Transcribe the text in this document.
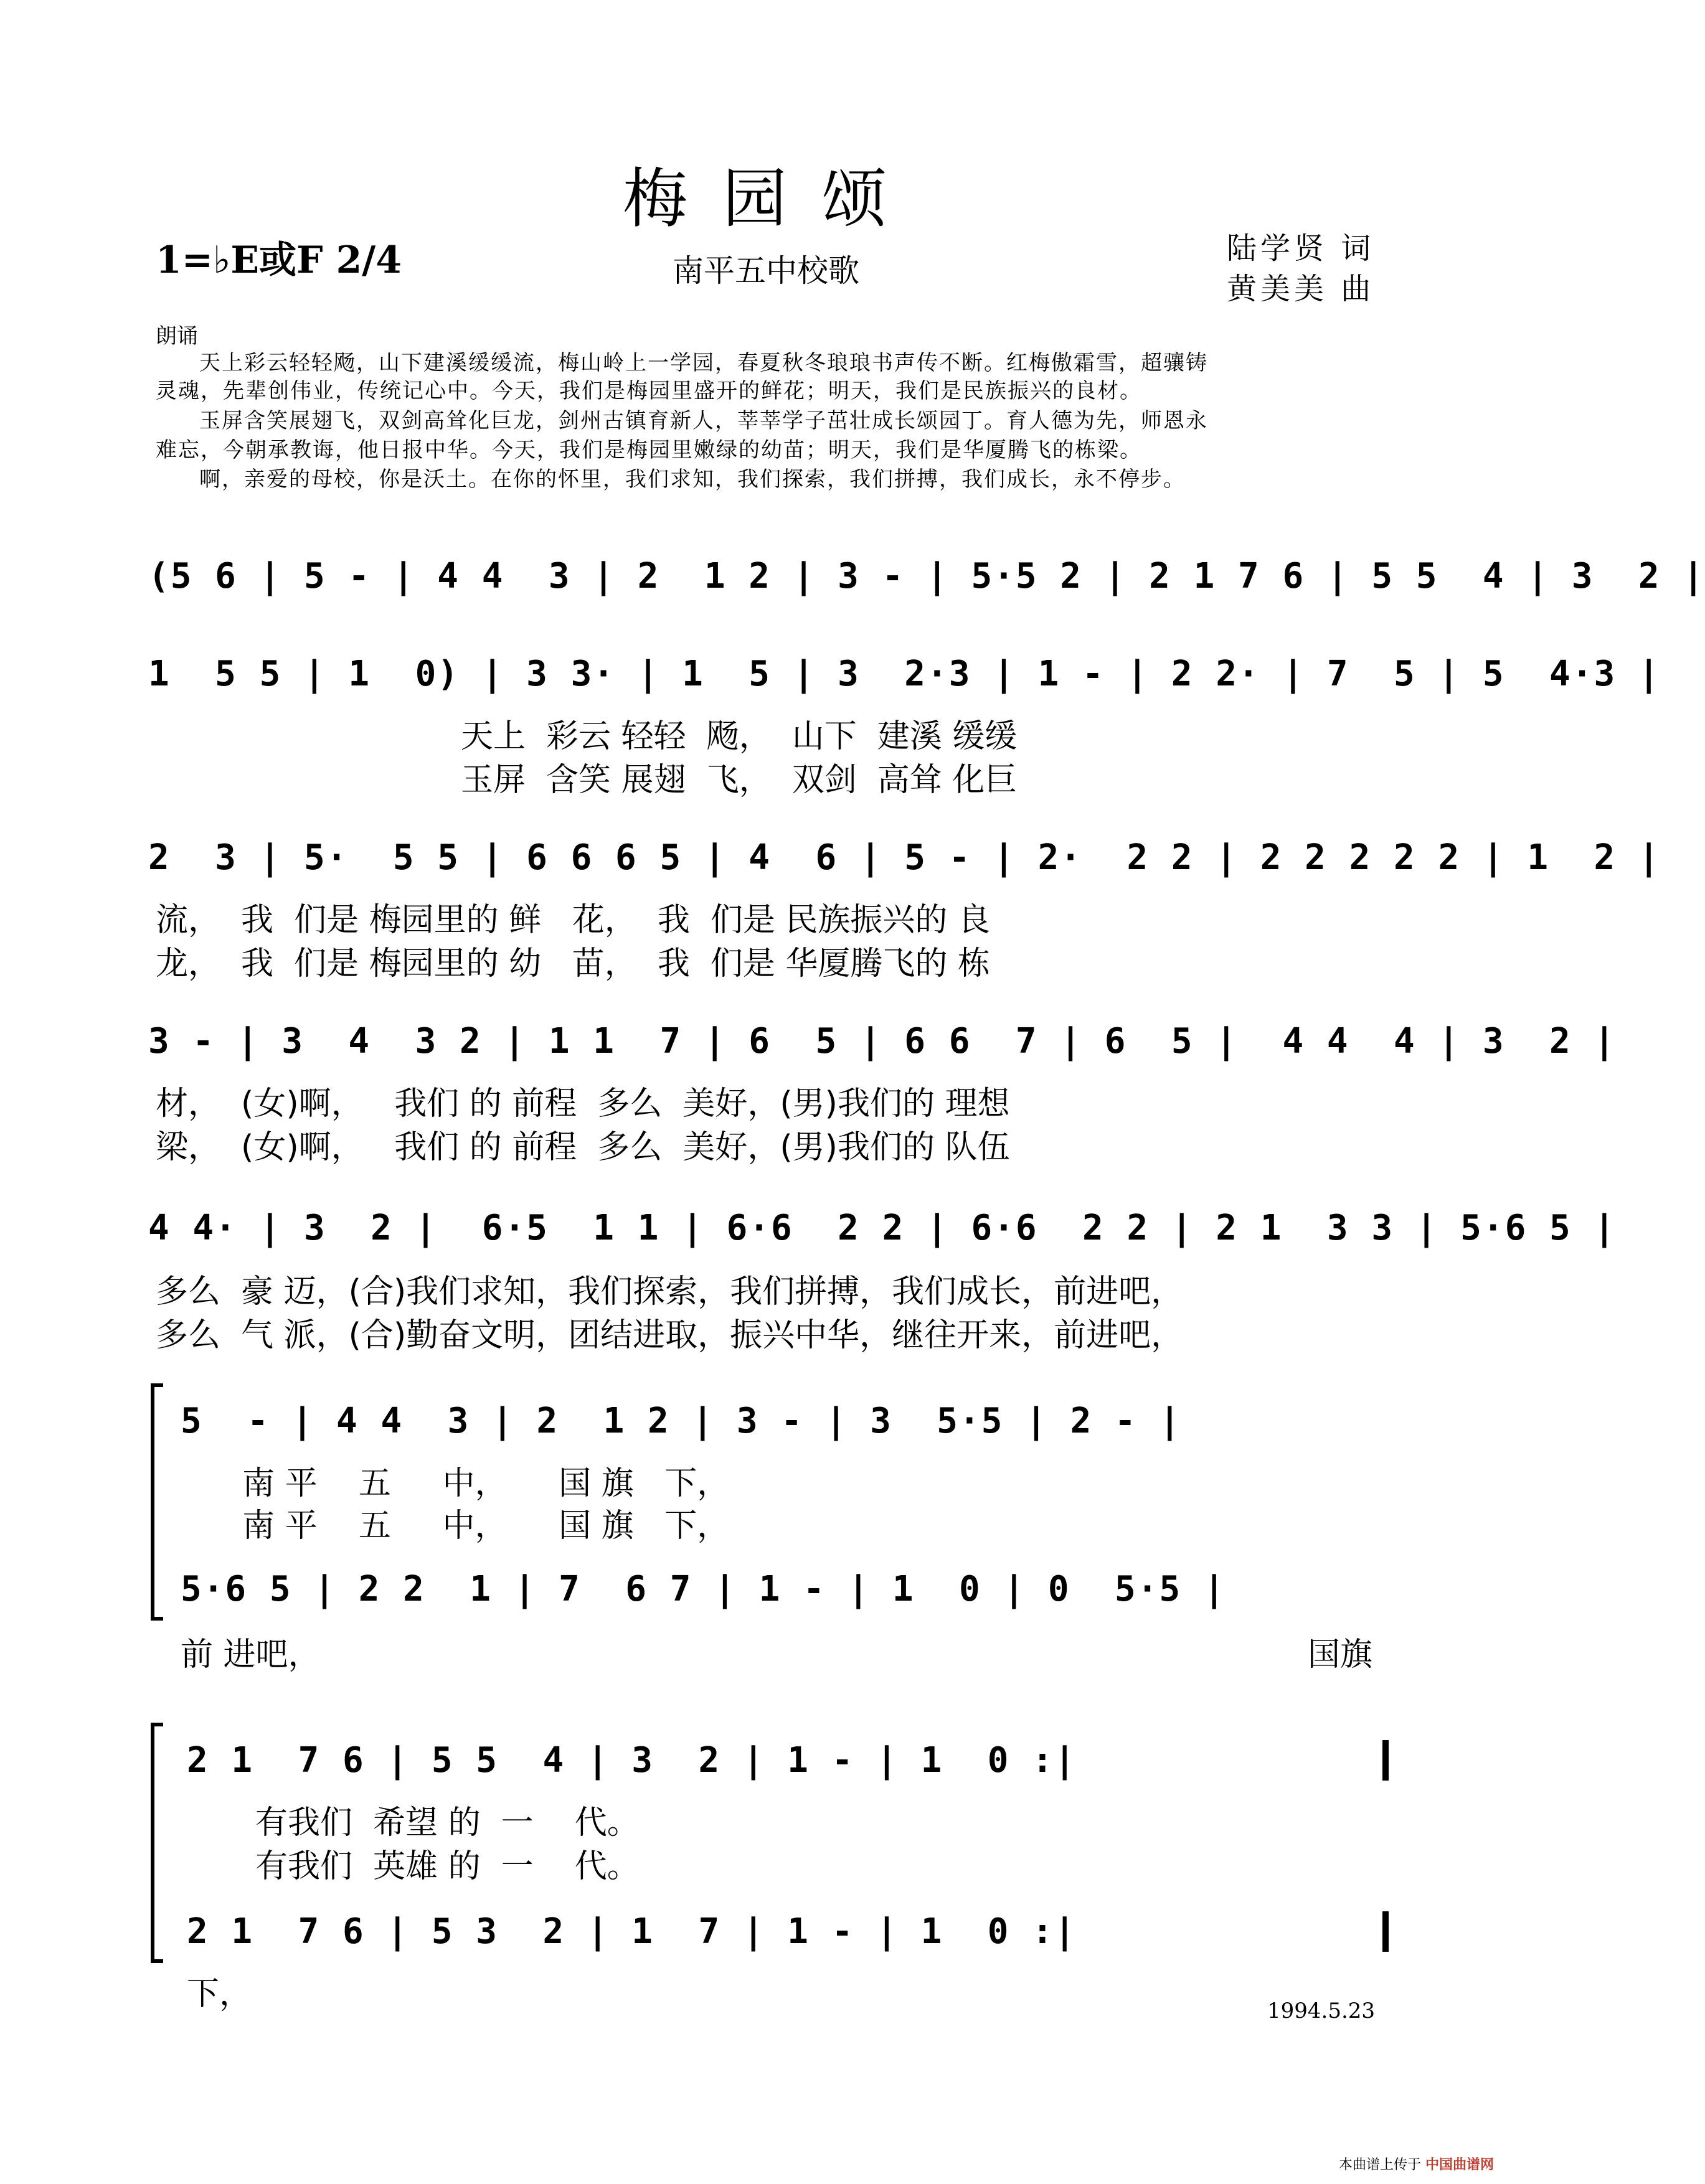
梅园颂
1=♭E或F 2/4	南平五中校歌
陆学贤 词
黄美美 曲
朗诵
天上彩云轻轻飏，山下建溪缓缓流，梅山岭上一学园，春夏秋冬琅琅书声传不断。红梅傲霜雪，超骧铸
灵魂，先辈创伟业，传统记心中。今天，我们是梅园里盛开的鲜花；明天，我们是民族振兴的良材。
玉屏含笑展翅飞，双剑高耸化巨龙，剑州古镇育新人，莘莘学子茁壮成长颂园丁。育人德为先，师恩永
难忘，今朝承教诲，他日报中华。今天，我们是梅园里嫩绿的幼苗；明天，我们是华厦腾飞的栋梁。
啊，亲爱的母校，你是沃土。在你的怀里，我们求知，我们探索，我们拼搏，我们成长，永不停步。
(5 6 | 5 - | 4 4  3 | 2  1 2 | 3 - | 5·5 2 | 2 1 7 6 | 5 5  4 | 3  2 |
1  5 5 | 1  0) | 3 3· | 1  5 | 3  2·3 | 1 - | 2 2· | 7  5 | 5  4·3 |
天上  彩云 轻轻  飏，  山下  建溪 缓缓
玉屏  含笑 展翅  飞，  双剑  高耸 化巨
2  3 | 5·  5 5 | 6 6 6 5 | 4  6 | 5 - | 2·  2 2 | 2 2 2 2 2 | 1  2 |
流，  我  们是 梅园里的 鲜   花，  我  们是 民族振兴的 良
龙，  我  们是 梅园里的 幼   苗，  我  们是 华厦腾飞的 栋
3 - | 3  4  3 2 | 1 1  7 | 6  5 | 6 6  7 | 6  5 |  4 4  4 | 3  2 |
材，  (女)啊，   我们 的 前程  多么  美好，(男)我们的 理想
梁，  (女)啊，   我们 的 前程  多么  美好，(男)我们的 队伍
4 4· | 3  2 |  6·5  1 1 | 6·6  2 2 | 6·6  2 2 | 2 1  3 3 | 5·6 5 |
多么  豪 迈，(合)我们求知，我们探索，我们拼搏，我们成长，前进吧，
多么  气 派，(合)勤奋文明，团结进取，振兴中华，继往开来，前进吧，
5  - | 4 4  3 | 2  1 2 | 3 - | 3  5·5 | 2 - |
南 平    五     中，     国 旗   下，
南 平    五     中，     国 旗   下，
5·6 5 | 2 2  1 | 7  6 7 | 1 - | 1  0 | 0  5·5 |
前 进吧，	国旗
2 1  7 6 | 5 5  4 | 3  2 | 1 - | 1  0 :|
有我们  希望 的  一    代。
有我们  英雄 的  一    代。
2 1  7 6 | 5 3  2 | 1  7 | 1 - | 1  0 :|
下，	1994.5.23
本曲谱上传于 中国曲谱网
